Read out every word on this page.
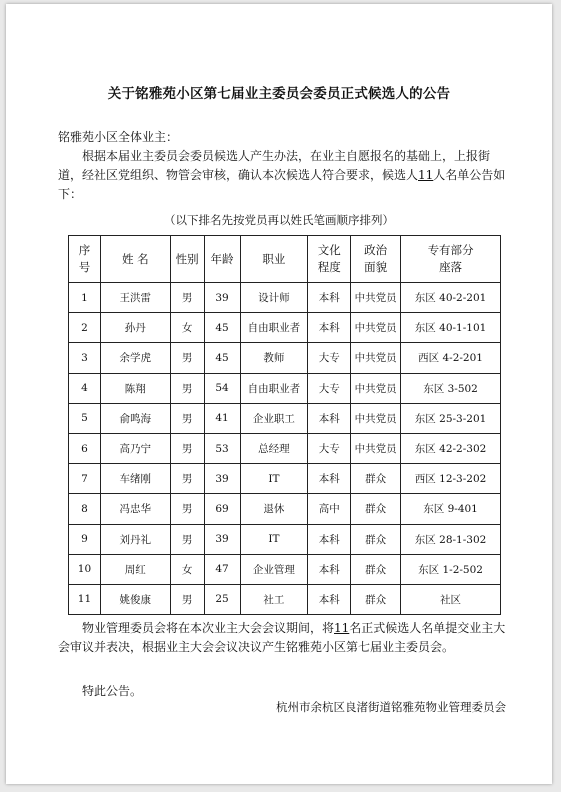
关于铭雅苑小区第七届业主委员会委员正式候选人的公告
铭雅苑小区全体业主：
根据本届业主委员会委员候选人产生办法，在业主自愿报名的基础上，上报街道，经社区党组织、物管会审核，确认本次候选人符合要求，候选人11人名单公告如下：
（以下排名先按党员再以姓氏笔画顺序排列）
序号	姓 名	性别	年龄	职业	文化程度	政治面貌	专有部分座落
1	王洪雷	男	39	设计师	本科	中共党员	东区 40-2-201
2	孙丹	女	45	自由职业者	本科	中共党员	东区 40-1-101
3	余学虎	男	45	教师	大专	中共党员	西区 4-2-201
4	陈翔	男	54	自由职业者	大专	中共党员	东区 3-502
5	俞鸣海	男	41	企业职工	本科	中共党员	东区 25-3-201
6	高乃宁	男	53	总经理	大专	中共党员	东区 42-2-302
7	车绪刚	男	39	IT	本科	群众	西区 12-3-202
8	冯忠华	男	69	退休	高中	群众	东区 9-401
9	刘丹礼	男	39	IT	本科	群众	东区 28-1-302
10	周红	女	47	企业管理	本科	群众	东区 1-2-502
11	姚俊康	男	25	社工	本科	群众	社区
物业管理委员会将在本次业主大会会议期间，将11名正式候选人名单提交业主大会审议并表决，根据业主大会会议决议产生铭雅苑小区第七届业主委员会。
特此公告。
杭州市余杭区良渚街道铭雅苑物业管理委员会
